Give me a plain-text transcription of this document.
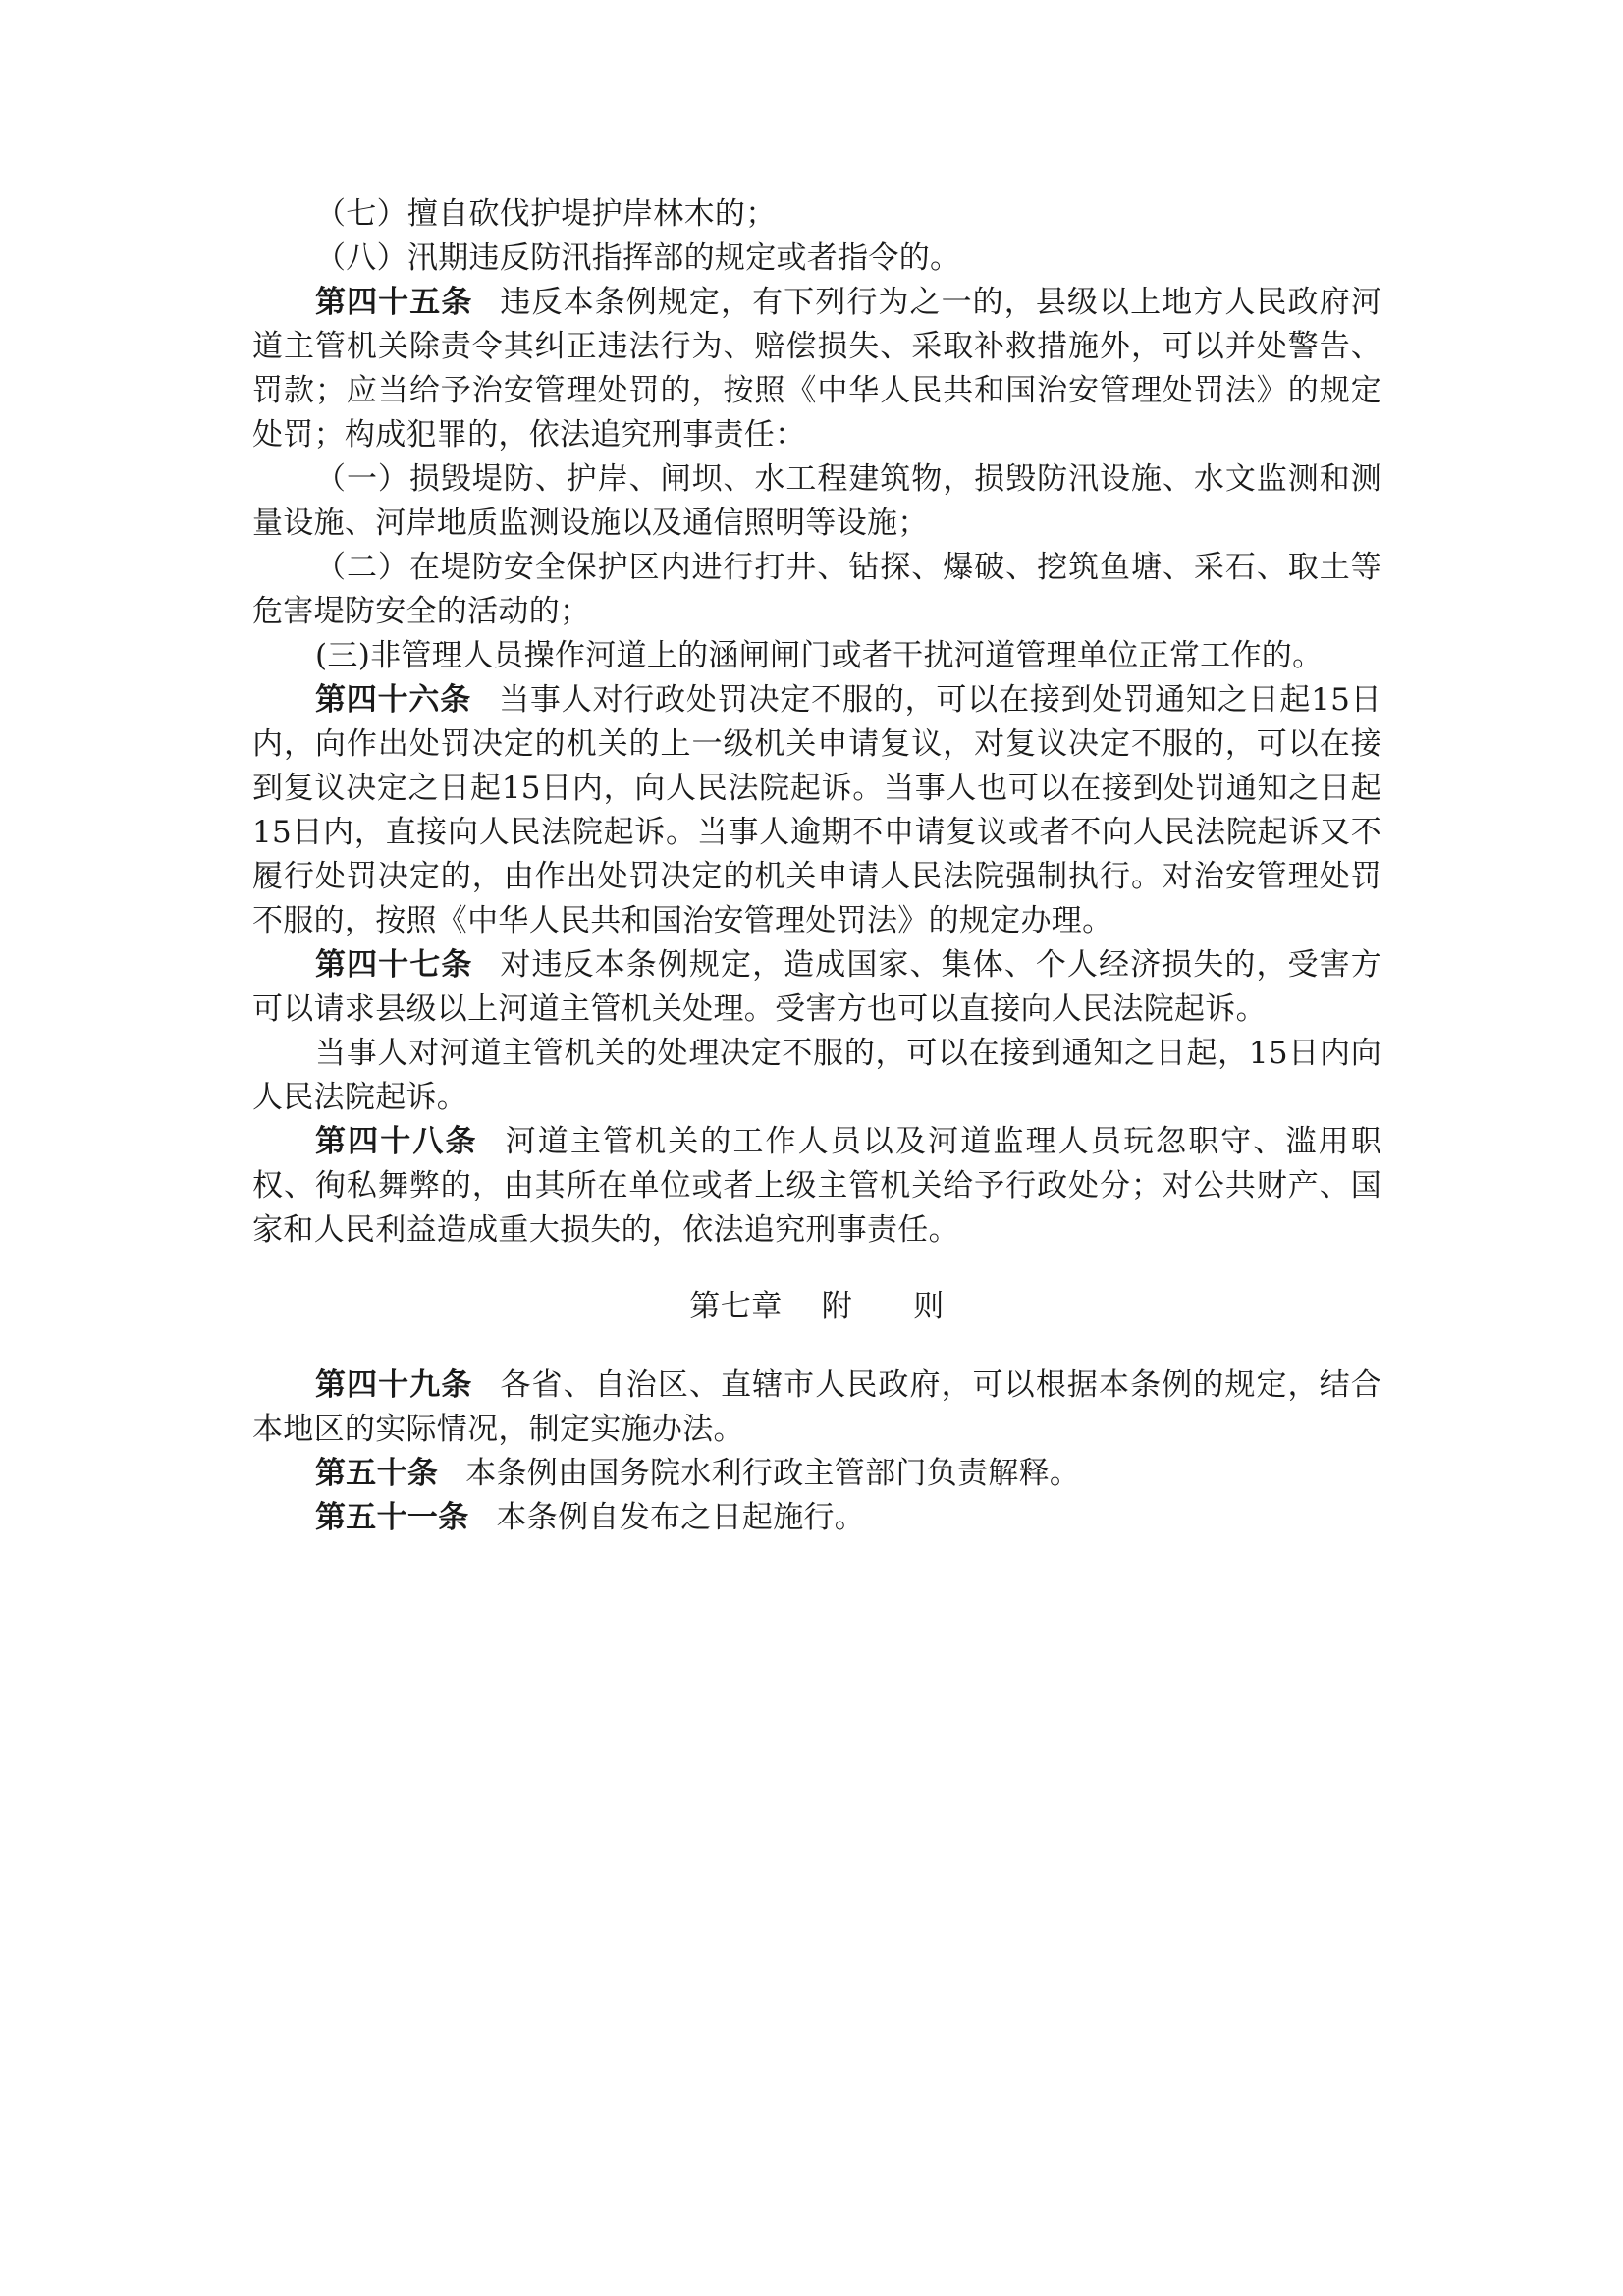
（七）擅自砍伐护堤护岸林木的；

（八）汛期违反防汛指挥部的规定或者指令的。

第四十五条 违反本条例规定，有下列行为之一的，县级以上地方人民政府河道主管机关除责令其纠正违法行为、赔偿损失、采取补救措施外，可以并处警告、罚款；应当给予治安管理处罚的，按照《中华人民共和国治安管理处罚法》的规定处罚；构成犯罪的，依法追究刑事责任：

（一）损毁堤防、护岸、闸坝、水工程建筑物，损毁防汛设施、水文监测和测量设施、河岸地质监测设施以及通信照明等设施；

（二）在堤防安全保护区内进行打井、钻探、爆破、挖筑鱼塘、采石、取土等危害堤防安全的活动的；

(三)非管理人员操作河道上的涵闸闸门或者干扰河道管理单位正常工作的。

第四十六条 当事人对行政处罚决定不服的，可以在接到处罚通知之日起15日内，向作出处罚决定的机关的上一级机关申请复议，对复议决定不服的，可以在接到复议决定之日起15日内，向人民法院起诉。当事人也可以在接到处罚通知之日起15日内，直接向人民法院起诉。当事人逾期不申请复议或者不向人民法院起诉又不履行处罚决定的，由作出处罚决定的机关申请人民法院强制执行。对治安管理处罚不服的，按照《中华人民共和国治安管理处罚法》的规定办理。

第四十七条 对违反本条例规定，造成国家、集体、个人经济损失的，受害方可以请求县级以上河道主管机关处理。受害方也可以直接向人民法院起诉。

当事人对河道主管机关的处理决定不服的，可以在接到通知之日起，15日内向人民法院起诉。

第四十八条 河道主管机关的工作人员以及河道监理人员玩忽职守、滥用职权、徇私舞弊的，由其所在单位或者上级主管机关给予行政处分；对公共财产、国家和人民利益造成重大损失的，依法追究刑事责任。

第七章 附 则

第四十九条 各省、自治区、直辖市人民政府，可以根据本条例的规定，结合本地区的实际情况，制定实施办法。

第五十条 本条例由国务院水利行政主管部门负责解释。

第五十一条 本条例自发布之日起施行。
